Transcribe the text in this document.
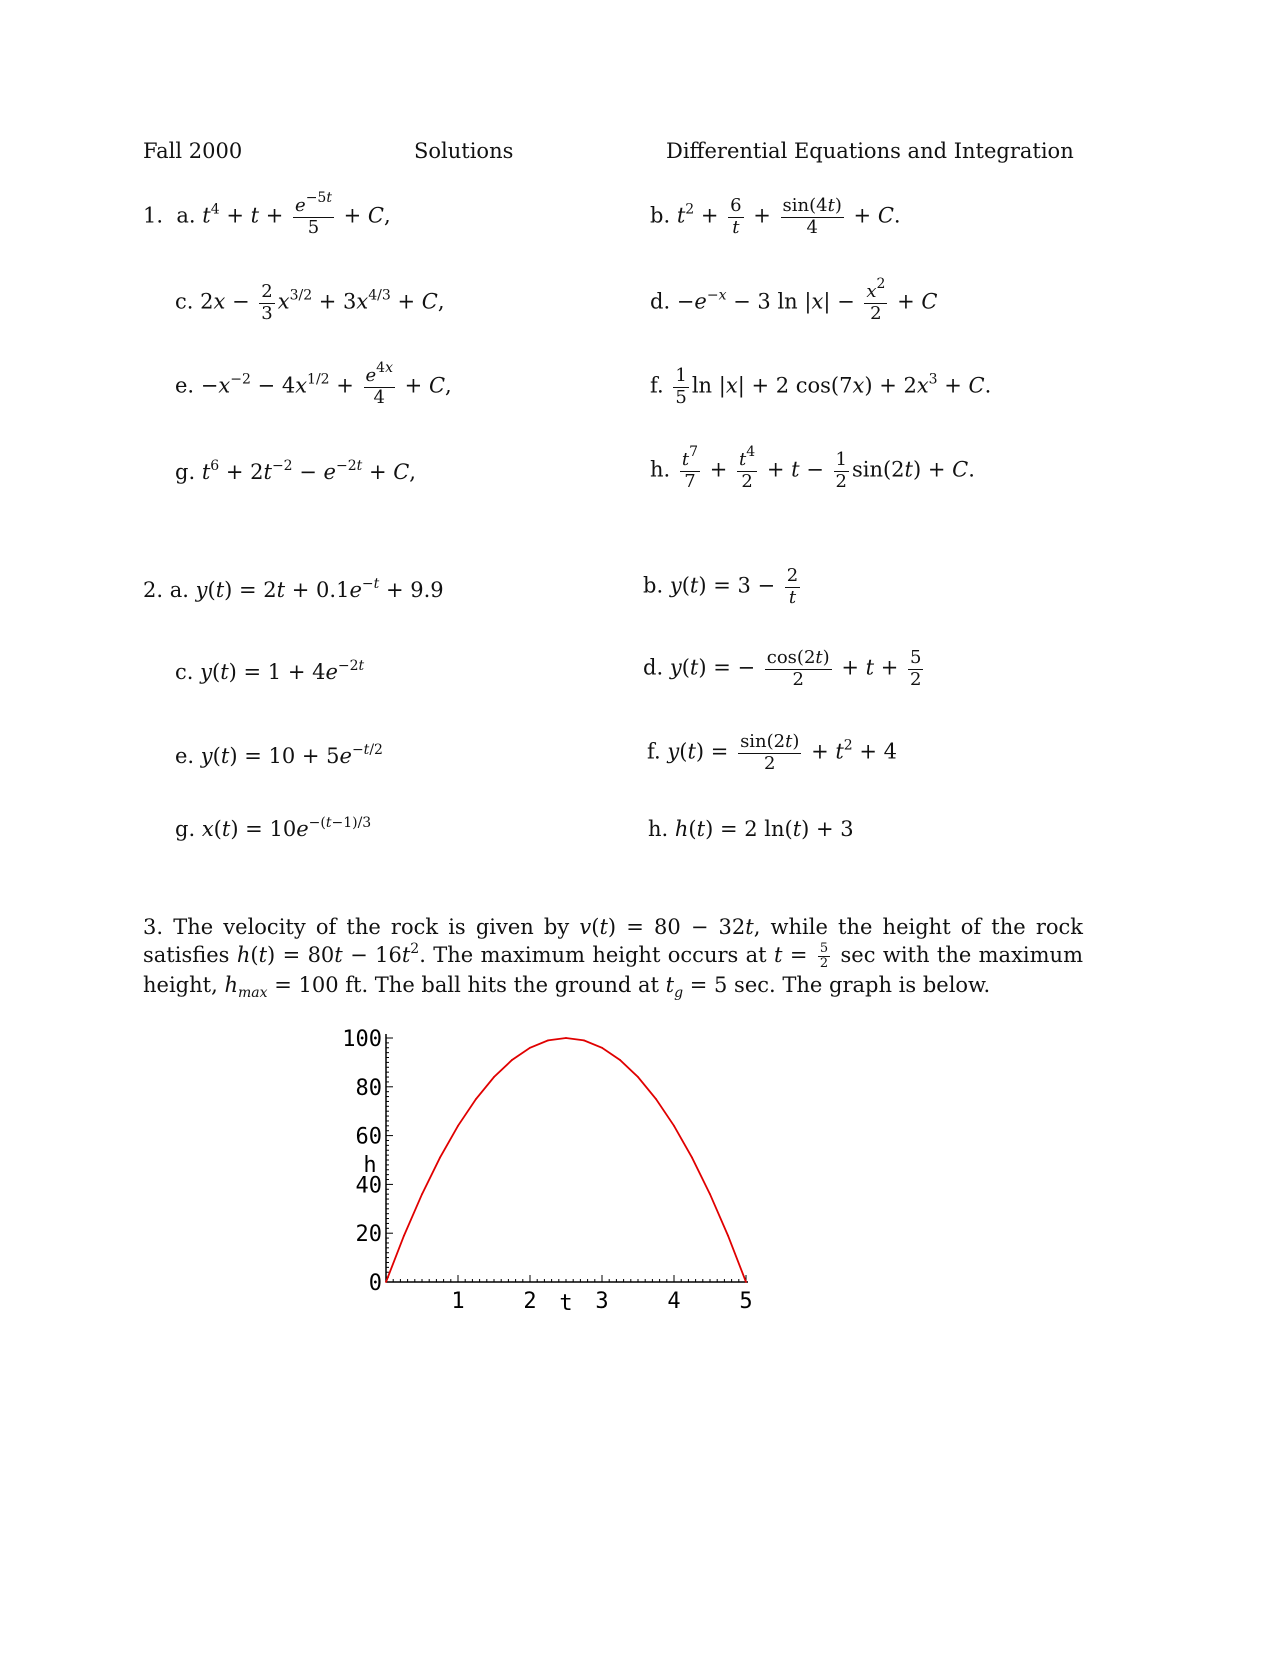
Fall 2000	Solutions	Differential Equations and Integration
1. a. $t^4 + t + \frac{e^{-5t}}{5} + C$,	b. $t^2 + \frac{6}{t} + \frac{\sin(4t)}{4} + C$.
c. $2x - \frac{2}{3} x^{3/2} + 3x^{4/3} + C$,	d. $-e^{-x} - 3$ $\ln |x| - \frac{x^2}{2} + C$
e. $-x^{-2} - 4x^{1/2} + \frac{e^{4x}}{4} + C$,	f. $\frac{1}{5}$ ln |x| + 2 $\cos(7x) + 2x^3 + C$.
g. $t^6 + 2t^{-2} - e^{-2t} + C$,	h. $\frac{t^7}{7} + \frac{t^4}{2} + t - \frac{1}{2} \sin(2t) + C$.
2. a. $y(t) = 2t + 0.1e^{-t} + 9.9$	b. $y(t) = 3 - \frac{2}{t}$
c. $y(t) = 1 + 4e^{-2t}$	d. y(t) = − $\frac{\cos(2t)}{2} + t + \frac{5}{2}$
e. $y(t) = 10 + 5e^{-t/2}$	f. $y(t) = \frac{\sin(2t)}{2} + t^2 + 4$
g. $x(t) = 10e^{-(t-1)/3}$	h. h(t) = 2 ln(t) + 3
3. The velocity of the rock is given by v(t) = 80 − 32t, while the height of the rock satisfies $h(t) = 80t - 16t^2$. The maximum height occurs at $t = \frac{5}{2}$ sec with the maximum height, $h_{max} = 100$ ft. The ball hits the ground at $t_g = 5$ sec. The graph is below.
1	2	3	4	5
100
80
60
40
20
0
t
h
